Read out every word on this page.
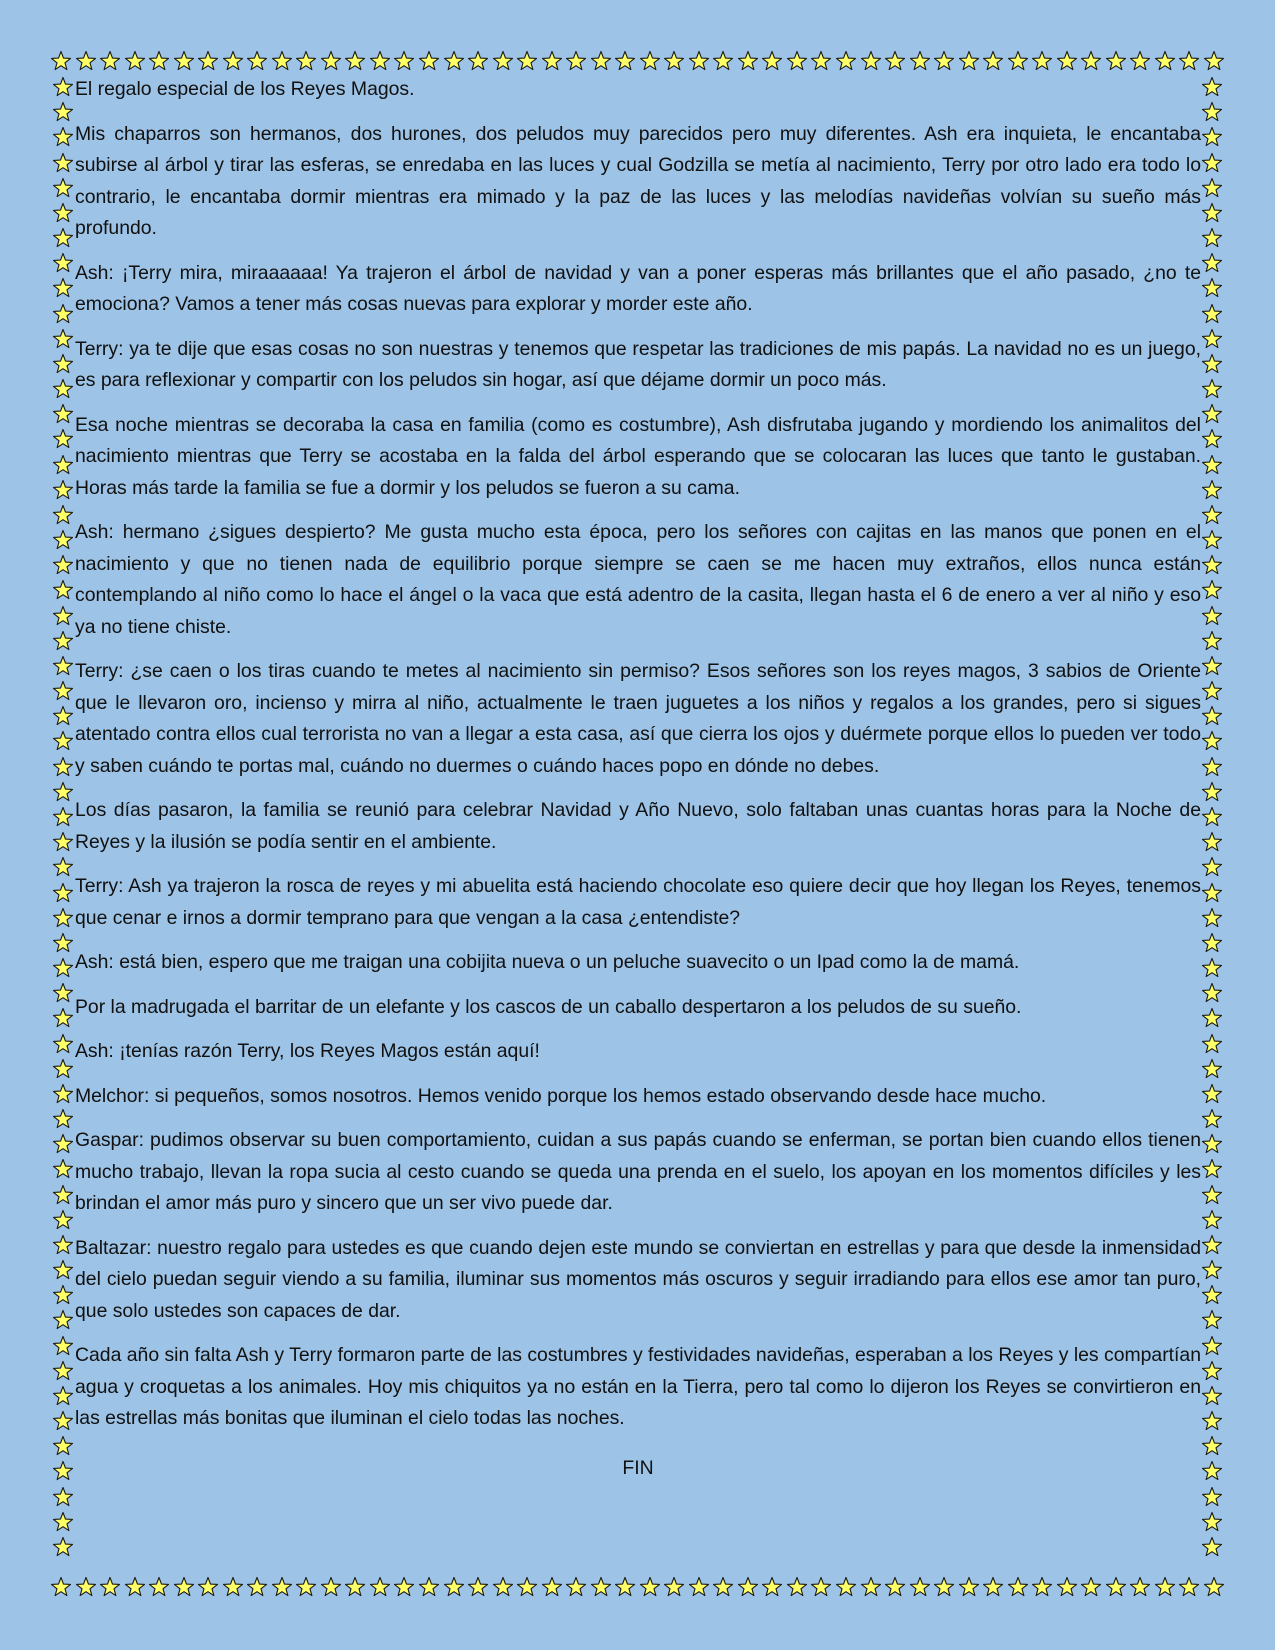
El regalo especial de los Reyes Magos.

Mis chaparros son hermanos, dos hurones, dos peludos muy parecidos pero muy diferentes. Ash era inquieta, le encantaba subirse al árbol y tirar las esferas, se enredaba en las luces y cual Godzilla se metía al nacimiento, Terry por otro lado era todo lo contrario, le encantaba dormir mientras era mimado y la paz de las luces y las melodías navideñas volvían su sueño más profundo.

Ash: ¡Terry mira, miraaaaaa! Ya trajeron el árbol de navidad y van a poner esperas más brillantes que el año pasado, ¿no te emociona? Vamos a tener más cosas nuevas para explorar y morder este año.

Terry: ya te dije que esas cosas no son nuestras y tenemos que respetar las tradiciones de mis papás. La navidad no es un juego, es para reflexionar y compartir con los peludos sin hogar, así que déjame dormir un poco más.

Esa noche mientras se decoraba la casa en familia (como es costumbre), Ash disfrutaba jugando y mordiendo los animalitos del nacimiento mientras que Terry se acostaba en la falda del árbol esperando que se colocaran las luces que tanto le gustaban. Horas más tarde la familia se fue a dormir y los peludos se fueron a su cama.

Ash: hermano ¿sigues despierto? Me gusta mucho esta época, pero los señores con cajitas en las manos que ponen en el nacimiento y que no tienen nada de equilibrio porque siempre se caen se me hacen muy extraños, ellos nunca están contemplando al niño como lo hace el ángel o la vaca que está adentro de la casita, llegan hasta el 6 de enero a ver al niño y eso ya no tiene chiste.

Terry: ¿se caen o los tiras cuando te metes al nacimiento sin permiso? Esos señores son los reyes magos, 3 sabios de Oriente que le llevaron oro, incienso y mirra al niño, actualmente le traen juguetes a los niños y regalos a los grandes, pero si sigues atentado contra ellos cual terrorista no van a llegar a esta casa, así que cierra los ojos y duérmete porque ellos lo pueden ver todo y saben cuándo te portas mal, cuándo no duermes o cuándo haces popo en dónde no debes.

Los días pasaron, la familia se reunió para celebrar Navidad y Año Nuevo, solo faltaban unas cuantas horas para la Noche de Reyes y la ilusión se podía sentir en el ambiente.

Terry: Ash ya trajeron la rosca de reyes y mi abuelita está haciendo chocolate eso quiere decir que hoy llegan los Reyes, tenemos que cenar e irnos a dormir temprano para que vengan a la casa ¿entendiste?

Ash: está bien, espero que me traigan una cobijita nueva o un peluche suavecito o un Ipad como la de mamá.

Por la madrugada el barritar de un elefante y los cascos de un caballo despertaron a los peludos de su sueño.

Ash: ¡tenías razón Terry, los Reyes Magos están aquí!

Melchor: si pequeños, somos nosotros. Hemos venido porque los hemos estado observando desde hace mucho.

Gaspar: pudimos observar su buen comportamiento, cuidan a sus papás cuando se enferman, se portan bien cuando ellos tienen mucho trabajo, llevan la ropa sucia al cesto cuando se queda una prenda en el suelo, los apoyan en los momentos difíciles y les brindan el amor más puro y sincero que un ser vivo puede dar.

Baltazar: nuestro regalo para ustedes es que cuando dejen este mundo se conviertan en estrellas y para que desde la inmensidad del cielo puedan seguir viendo a su familia, iluminar sus momentos más oscuros y seguir irradiando para ellos ese amor tan puro, que solo ustedes son capaces de dar.

Cada año sin falta Ash y Terry formaron parte de las costumbres y festividades navideñas, esperaban a los Reyes y les compartían agua y croquetas a los animales. Hoy mis chiquitos ya no están en la Tierra, pero tal como lo dijeron los Reyes se convirtieron en las estrellas más bonitas que iluminan el cielo todas las noches.

FIN
